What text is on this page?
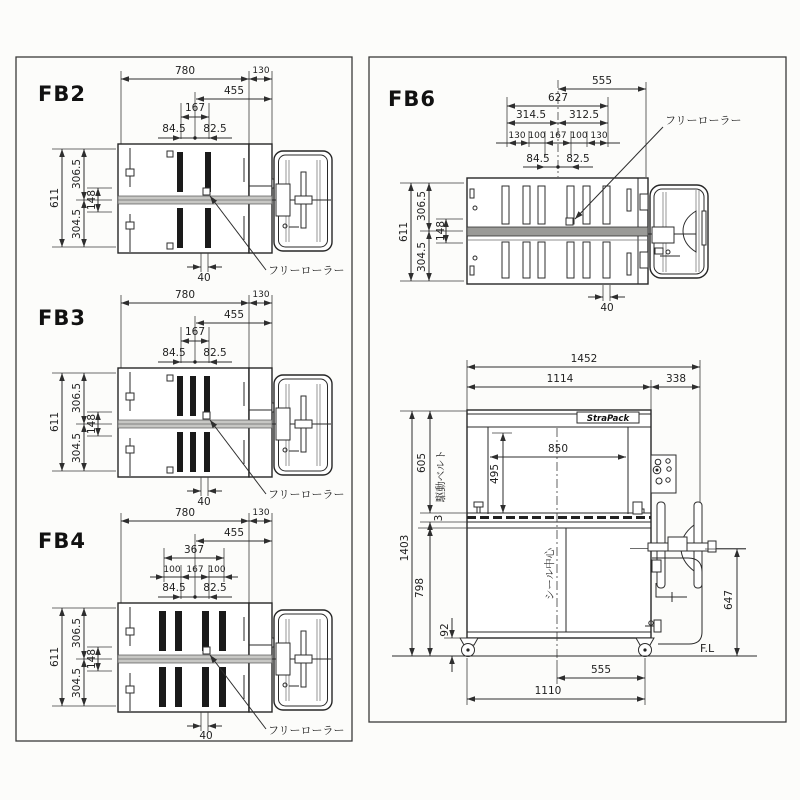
FB2
780	130
455
167
84.5 82.5
611
306.5
304.5
148
40
フリーローラー
FB3
780	130
455
167
84.5 82.5
611
306.5
304.5
148
40
フリーローラー
FB4
780	130
455
367
100 167 100
84.5 82.5
611
306.5
304.5
148
40	フリーローラー
FB6
555
627
314.5 312.5
130 100 167 100 130
84.5 82.5
611
306.5
304.5
148
40
フリーローラー
1452
1114	338
StraPack
1403
605
3
798
92
駆動ベルト
シール中心
850
495
F.L
647
555
1110
